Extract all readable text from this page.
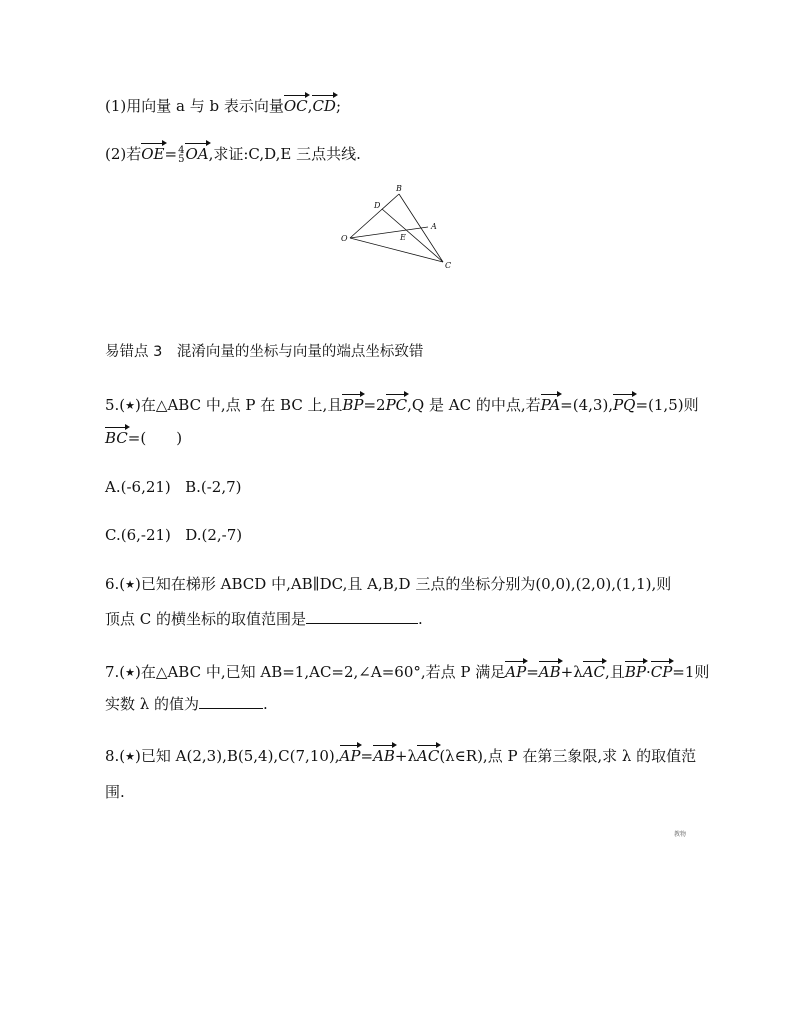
(1)用向量 a 与 b 表示向量OC,CD;
(2)若OE= 4
5 OA,求证:C,D,E 三点共线.
O
B
D
A
E
C
易错点 3　混淆向量的坐标与向量的端点坐标致错
5.(★)在△ABC 中,点 P 在 BC 上,且BP=2PC,Q 是 AC 的中点,若PA=(4,3),PQ=(1,5)则
BC=(　　)
A.(-6,21) B.(-2,7)
C.(6,-21) D.(2,-7)
6.(★)已知在梯形 ABCD 中,AB∥DC,且 A,B,D 三点的坐标分别为(0,0),(2,0),(1,1),则
顶点 C 的横坐标的取值范围是	.
7.(★)在△ABC 中,已知 AB=1,AC=2,∠A=60°,若点 P 满足AP=AB+λAC,且BP·CP=1则
实数 λ 的值为	.
8.(★)已知 A(2,3),B(5,4),C(7,10),AP=AB+λAC(λ∈R),点 P 在第三象限,求 λ 的取值范
围.
教物
